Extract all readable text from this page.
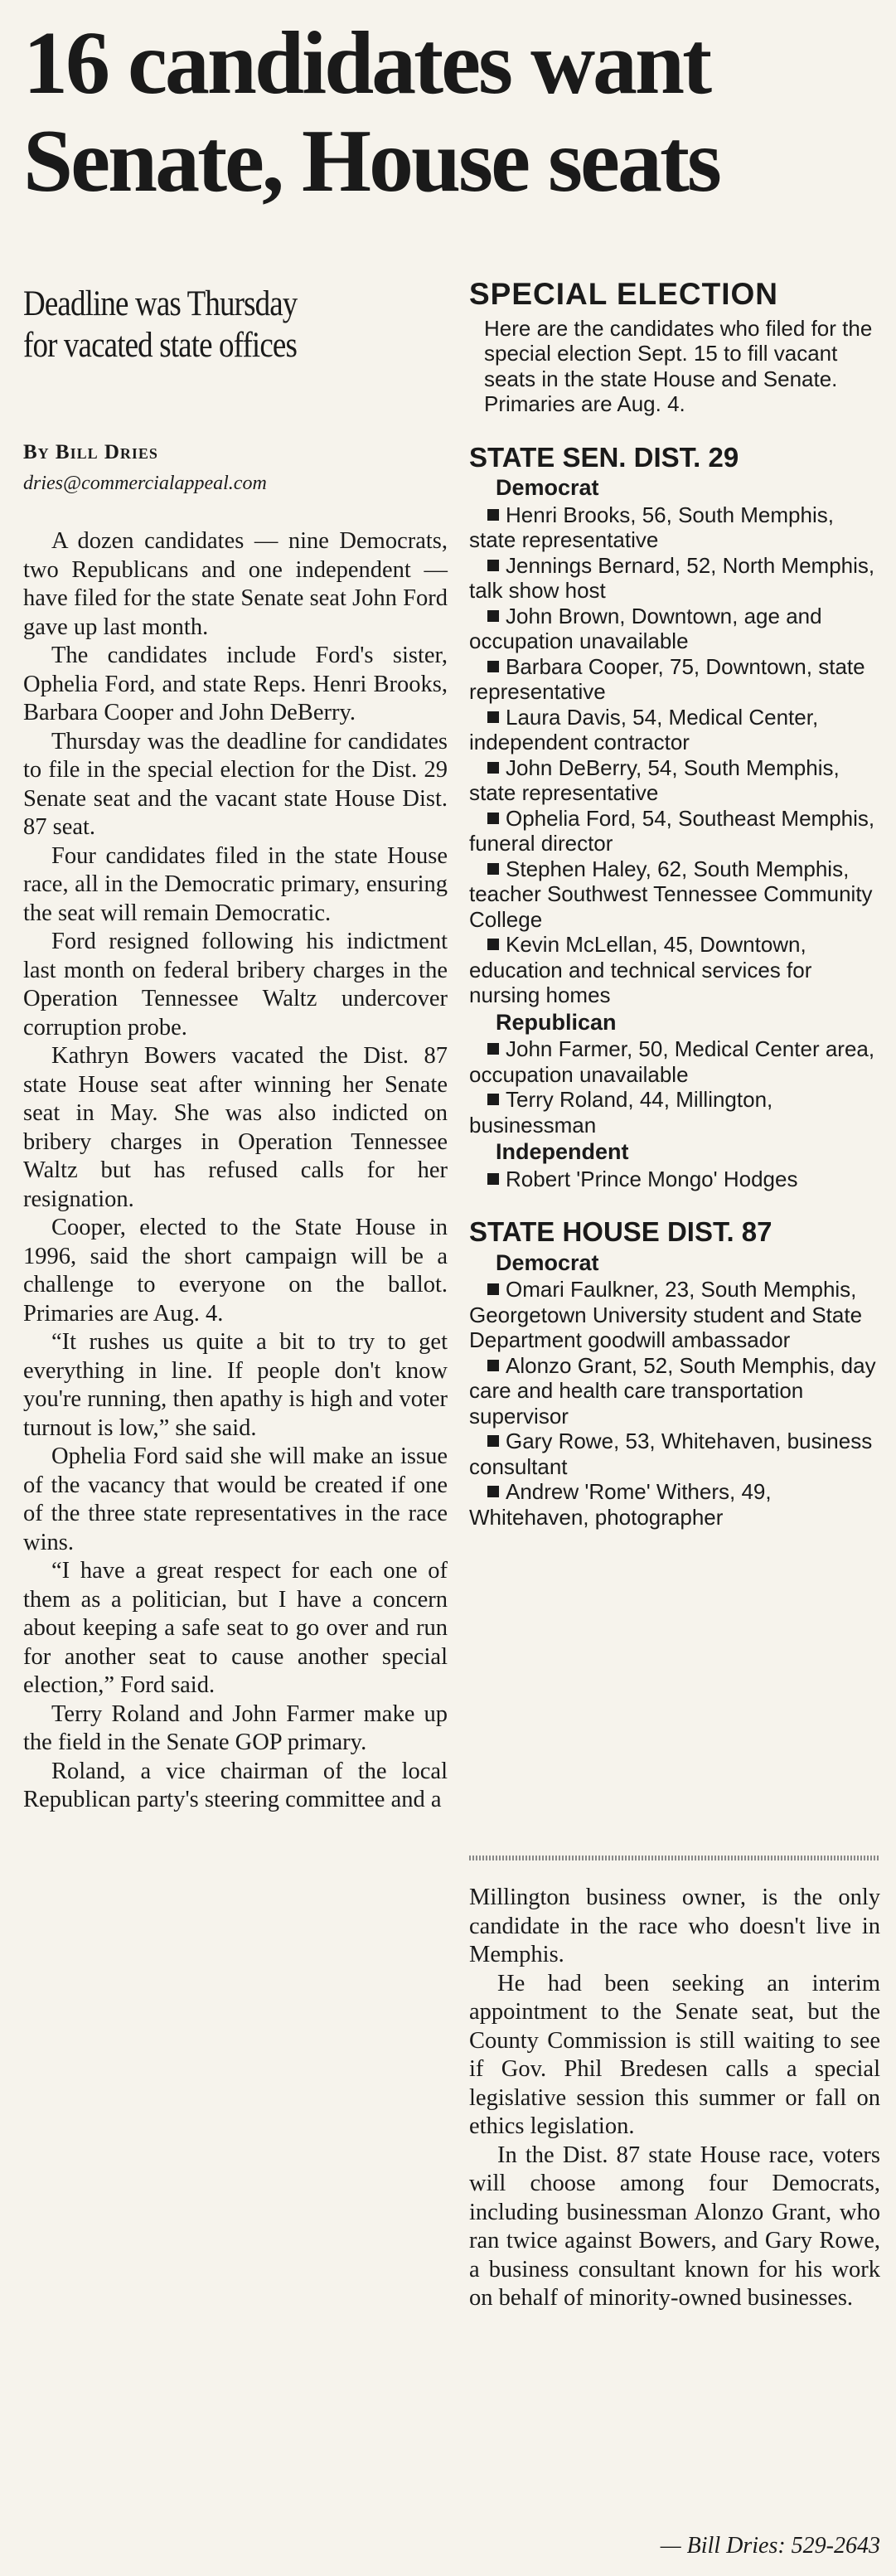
16 candidates want
Senate, House seats
Deadline was Thursday
for vacated state offices
By Bill Dries
dries@commercialappeal.com

A dozen candidates — nine Democrats, two Republicans and one independent — have filed for the state Senate seat John Ford gave up last month.

The candidates include Ford's sister, Ophelia Ford, and state Reps. Henri Brooks, Barbara Cooper and John DeBerry.

Thursday was the deadline for candidates to file in the special election for the Dist. 29 Senate seat and the vacant state House Dist. 87 seat.

Four candidates filed in the state House race, all in the Democratic primary, ensuring the seat will remain Democratic.

Ford resigned following his indictment last month on federal bribery charges in the Operation Tennessee Waltz undercover corruption probe.

Kathryn Bowers vacated the Dist. 87 state House seat after winning her Senate seat in May. She was also indicted on bribery charges in Operation Tennessee Waltz but has refused calls for her resignation.

Cooper, elected to the State House in 1996, said the short campaign will be a challenge to everyone on the ballot. Primaries are Aug. 4.

“It rushes us quite a bit to try to get everything in line. If people don't know you're running, then apathy is high and voter turnout is low,” she said.

Ophelia Ford said she will make an issue of the vacancy that would be created if one of the three state representatives in the race wins.

“I have a great respect for each one of them as a politician, but I have a concern about keeping a safe seat to go over and run for another seat to cause another special election,” Ford said.

Terry Roland and John Farmer make up the field in the Senate GOP primary.

Roland, a vice chairman of the local Republican party's steering committee and a

SPECIAL ELECTION
Here are the candidates who filed for the special election Sept. 15 to fill vacant seats in the state House and Senate. Primaries are Aug. 4.
STATE SEN. DIST. 29
Democrat
Henri Brooks, 56, South Memphis, state representative
Jennings Bernard, 52, North Memphis, talk show host
John Brown, Downtown, age and occupation unavailable
Barbara Cooper, 75, Downtown, state representative
Laura Davis, 54, Medical Center, independent contractor
John DeBerry, 54, South Memphis, state representative
Ophelia Ford, 54, Southeast Memphis, funeral director
Stephen Haley, 62, South Memphis, teacher Southwest Tennessee Community College
Kevin McLellan, 45, Downtown, education and technical services for nursing homes
Republican
John Farmer, 50, Medical Center area, occupation unavailable
Terry Roland, 44, Millington, businessman
Independent
Robert 'Prince Mongo' Hodges
STATE HOUSE DIST. 87
Democrat
Omari Faulkner, 23, South Memphis, Georgetown University student and State Department goodwill ambassador
Alonzo Grant, 52, South Memphis, day care and health care transportation supervisor
Gary Rowe, 53, Whitehaven, business consultant
Andrew 'Rome' Withers, 49, Whitehaven, photographer

Millington business owner, is the only candidate in the race who doesn't live in Memphis.

He had been seeking an interim appointment to the Senate seat, but the County Commission is still waiting to see if Gov. Phil Bredesen calls a special legislative session this summer or fall on ethics legislation.

In the Dist. 87 state House race, voters will choose among four Democrats, including businessman Alonzo Grant, who ran twice against Bowers, and Gary Rowe, a business consultant known for his work on behalf of minority-owned businesses.

— Bill Dries: 529-2643
